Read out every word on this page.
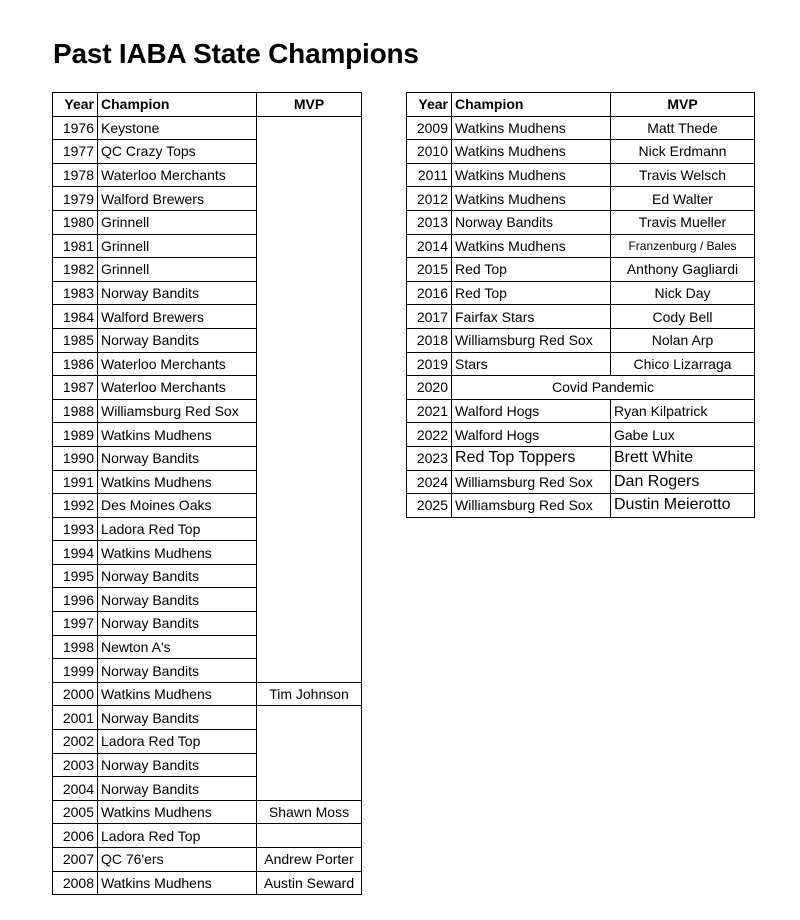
Past IABA State Champions
Year	Champion	MVP
1976	Keystone	
1977	QC Crazy Tops	
1978	Waterloo Merchants	
1979	Walford Brewers	
1980	Grinnell	
1981	Grinnell	
1982	Grinnell	
1983	Norway Bandits	
1984	Walford Brewers	
1985	Norway Bandits	
1986	Waterloo Merchants	
1987	Waterloo Merchants	
1988	Williamsburg Red Sox	
1989	Watkins Mudhens	
1990	Norway Bandits	
1991	Watkins Mudhens	
1992	Des Moines Oaks	
1993	Ladora Red Top	
1994	Watkins Mudhens	
1995	Norway Bandits	
1996	Norway Bandits	
1997	Norway Bandits	
1998	Newton A's	
1999	Norway Bandits	
2000	Watkins Mudhens	Tim Johnson
2001	Norway Bandits	
2002	Ladora Red Top	
2003	Norway Bandits	
2004	Norway Bandits	
2005	Watkins Mudhens	Shawn Moss
2006	Ladora Red Top	
2007	QC 76'ers	Andrew Porter
2008	Watkins Mudhens	Austin Seward
Year	Champion	MVP
2009	Watkins Mudhens	Matt Thede
2010	Watkins Mudhens	Nick Erdmann
2011	Watkins Mudhens	Travis Welsch
2012	Watkins Mudhens	Ed Walter
2013	Norway Bandits	Travis Mueller
2014	Watkins Mudhens	Franzenburg / Bales
2015	Red Top	Anthony Gagliardi
2016	Red Top	Nick Day
2017	Fairfax Stars	Cody Bell
2018	Williamsburg Red Sox	Nolan Arp
2019	Stars	Chico Lizarraga
2020	Covid Pandemic	
2021	Walford Hogs	Ryan Kilpatrick
2022	Walford Hogs	Gabe Lux
2023	Red Top Toppers	Brett White
2024	Williamsburg Red Sox	Dan Rogers
2025	Williamsburg Red Sox	Dustin Meierotto
